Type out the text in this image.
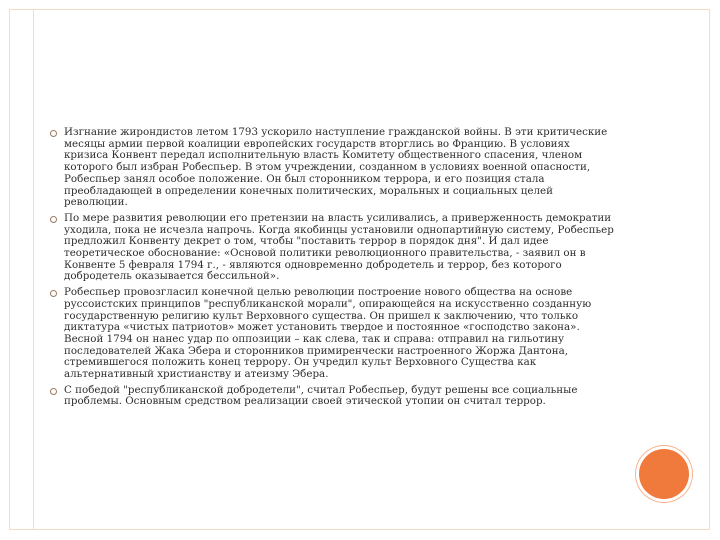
Изгнание жирондистов летом 1793 ускорило наступление гражданской войны. В эти критические месяцы армии первой коалиции европейских государств вторглись во Францию. В условиях кризиса Конвент передал исполнительную власть Комитету общественного спасения, членом которого был избран Робеспьер. В этом учреждении, созданном в условиях военной опасности, Робеспьер занял особое положение. Он был сторонником террора, и его позиция стала преобладающей в определении конечных политических, моральных и социальных целей революции.
По мере развития революции его претензии на власть усиливались, а приверженность демократии уходила, пока не исчезла напрочь. Когда якобинцы установили однопартийную систему, Робеспьер предложил Конвенту декрет о том, чтобы "поставить террор в порядок дня". И дал идее теоретическое обоснование: «Основой политики революционного правительства, - заявил он в Конвенте 5 февраля 1794 г., - являются одновременно добродетель и террор, без которого добродетель оказывается бессильной».
Робеспьер провозгласил конечной целью революции построение нового общества на основе руссоистских принципов "республиканской морали", опирающейся на искусственно созданную государственную религию культ Верховного существа. Он пришел к заключению, что только диктатура «чистых патриотов» может установить твердое и постоянное «господство закона». Весной 1794 он нанес удар по оппозиции – как слева, так и справа: отправил на гильотину последователей Жака Эбера и сторонников примиренчески настроенного Жоржа Дантона, стремившегося положить конец террору. Он учредил культ Верховного Существа как альтернативный христианству и атеизму Эбера.
С победой "республиканской добродетели", считал Робеспьер, будут решены все социальные проблемы. Основным средством реализации своей этической утопии он считал террор.
